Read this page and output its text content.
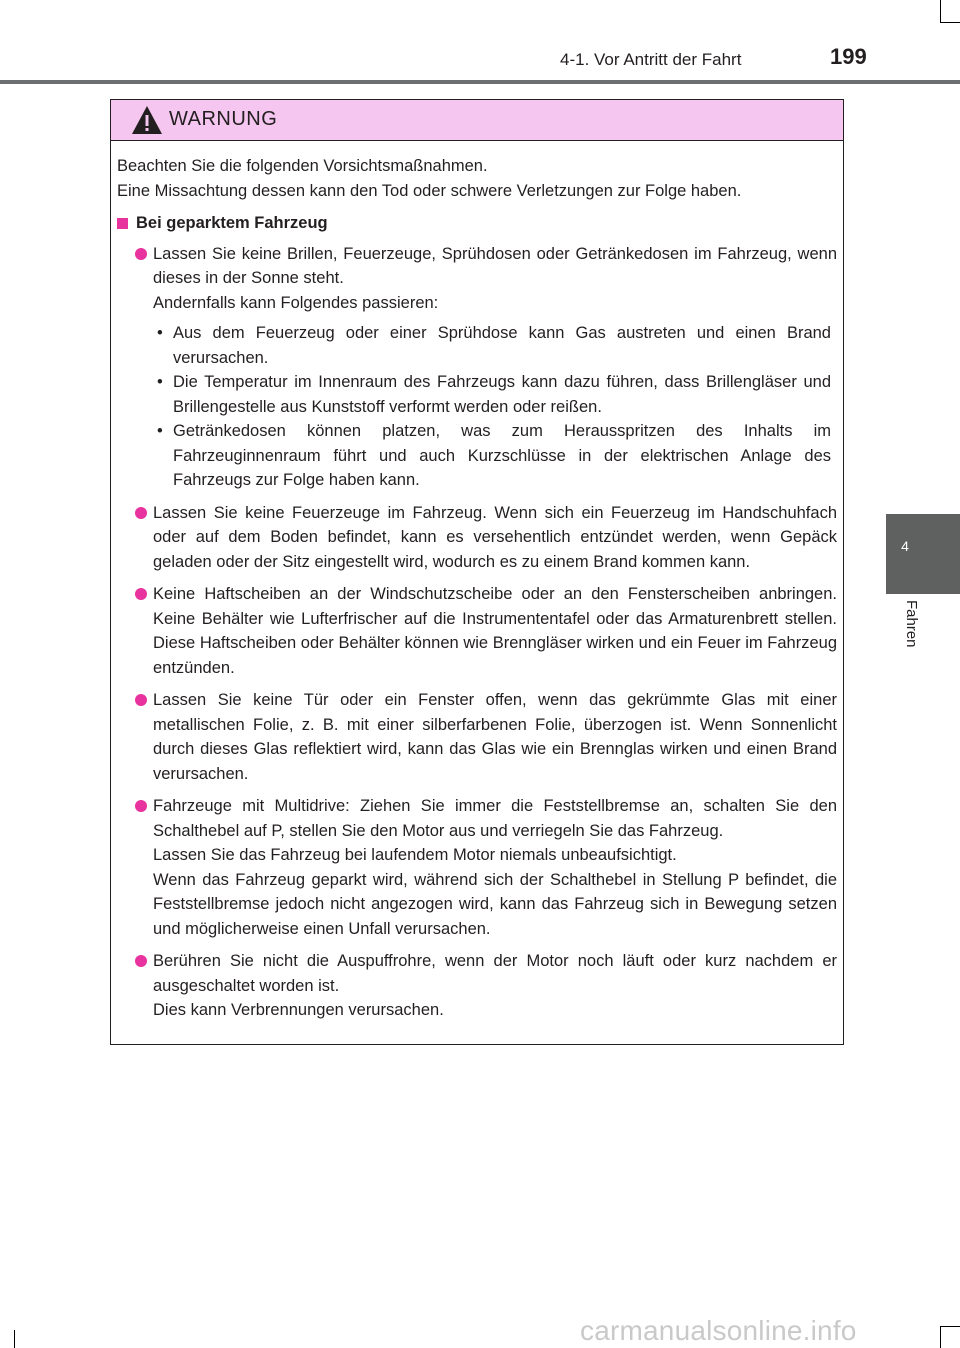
4-1. Vor Antritt der Fahrt	199
4
Fahren
WARNUNG

Beachten Sie die folgenden Vorsichtsmaßnahmen.

Eine Missachtung dessen kann den Tod oder schwere Verletzungen zur Folge haben.

Bei geparktem Fahrzeug

Lassen Sie keine Brillen, Feuerzeuge, Sprühdosen oder Getränkedosen im Fahrzeug, wenn dieses in der Sonne steht.

Andernfalls kann Folgendes passieren:

• Aus dem Feuerzeug oder einer Sprühdose kann Gas austreten und einen Brand verursachen.
• Die Temperatur im Innenraum des Fahrzeugs kann dazu führen, dass Brillengläser und Brillengestelle aus Kunststoff verformt werden oder reißen.
• Getränkedosen können platzen, was zum Herausspritzen des Inhalts im Fahrzeuginnenraum führt und auch Kurzschlüsse in der elektrischen Anlage des Fahrzeugs zur Folge haben kann.

Lassen Sie keine Feuerzeuge im Fahrzeug. Wenn sich ein Feuerzeug im Handschuhfach oder auf dem Boden befindet, kann es versehentlich entzündet werden, wenn Gepäck geladen oder der Sitz eingestellt wird, wodurch es zu einem Brand kommen kann.

Keine Haftscheiben an der Windschutzscheibe oder an den Fensterscheiben anbringen. Keine Behälter wie Lufterfrischer auf die Instrumententafel oder das Armaturenbrett stellen. Diese Haftscheiben oder Behälter können wie Brenngläser wirken und ein Feuer im Fahrzeug entzünden.

Lassen Sie keine Tür oder ein Fenster offen, wenn das gekrümmte Glas mit einer metallischen Folie, z. B. mit einer silberfarbenen Folie, überzogen ist. Wenn Sonnenlicht durch dieses Glas reflektiert wird, kann das Glas wie ein Brennglas wirken und einen Brand verursachen.

Fahrzeuge mit Multidrive: Ziehen Sie immer die Feststellbremse an, schalten Sie den Schalthebel auf P, stellen Sie den Motor aus und verriegeln Sie das Fahrzeug.

Lassen Sie das Fahrzeug bei laufendem Motor niemals unbeaufsichtigt.

Wenn das Fahrzeug geparkt wird, während sich der Schalthebel in Stellung P befindet, die Feststellbremse jedoch nicht angezogen wird, kann das Fahrzeug sich in Bewegung setzen und möglicherweise einen Unfall verursachen.

Berühren Sie nicht die Auspuffrohre, wenn der Motor noch läuft oder kurz nachdem er ausgeschaltet worden ist.

Dies kann Verbrennungen verursachen.

carmanualsonline.info
